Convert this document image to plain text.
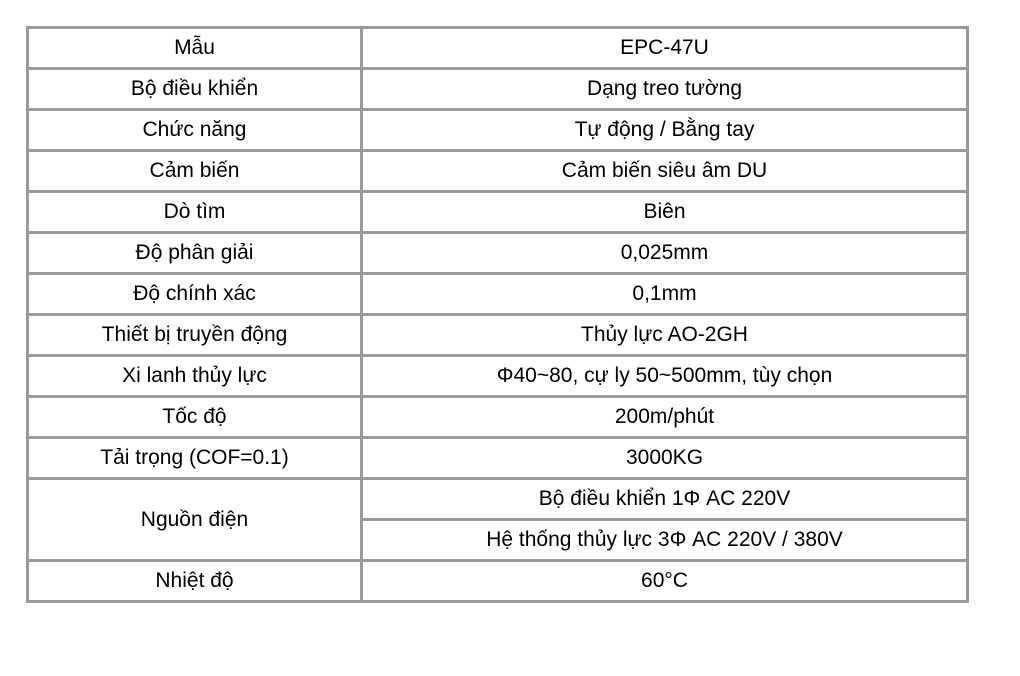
Mẫu	EPC-47U
Bộ điều khiển	Dạng treo tường
Chức năng	Tự động / Bằng tay
Cảm biến	Cảm biến siêu âm DU
Dò tìm	Biên
Độ phân giải	0,025mm
Độ chính xác	0,1mm
Thiết bị truyền động	Thủy lực AO-2GH
Xi lanh thủy lực	Φ40~80, cự ly 50~500mm, tùy chọn
Tốc độ	200m/phút
Tải trọng (COF=0.1)	3000KG
Nguồn điện	Bộ điều khiển 1Φ AC 220V
	Hệ thống thủy lực 3Φ AC 220V / 380V
Nhiệt độ	60°C
